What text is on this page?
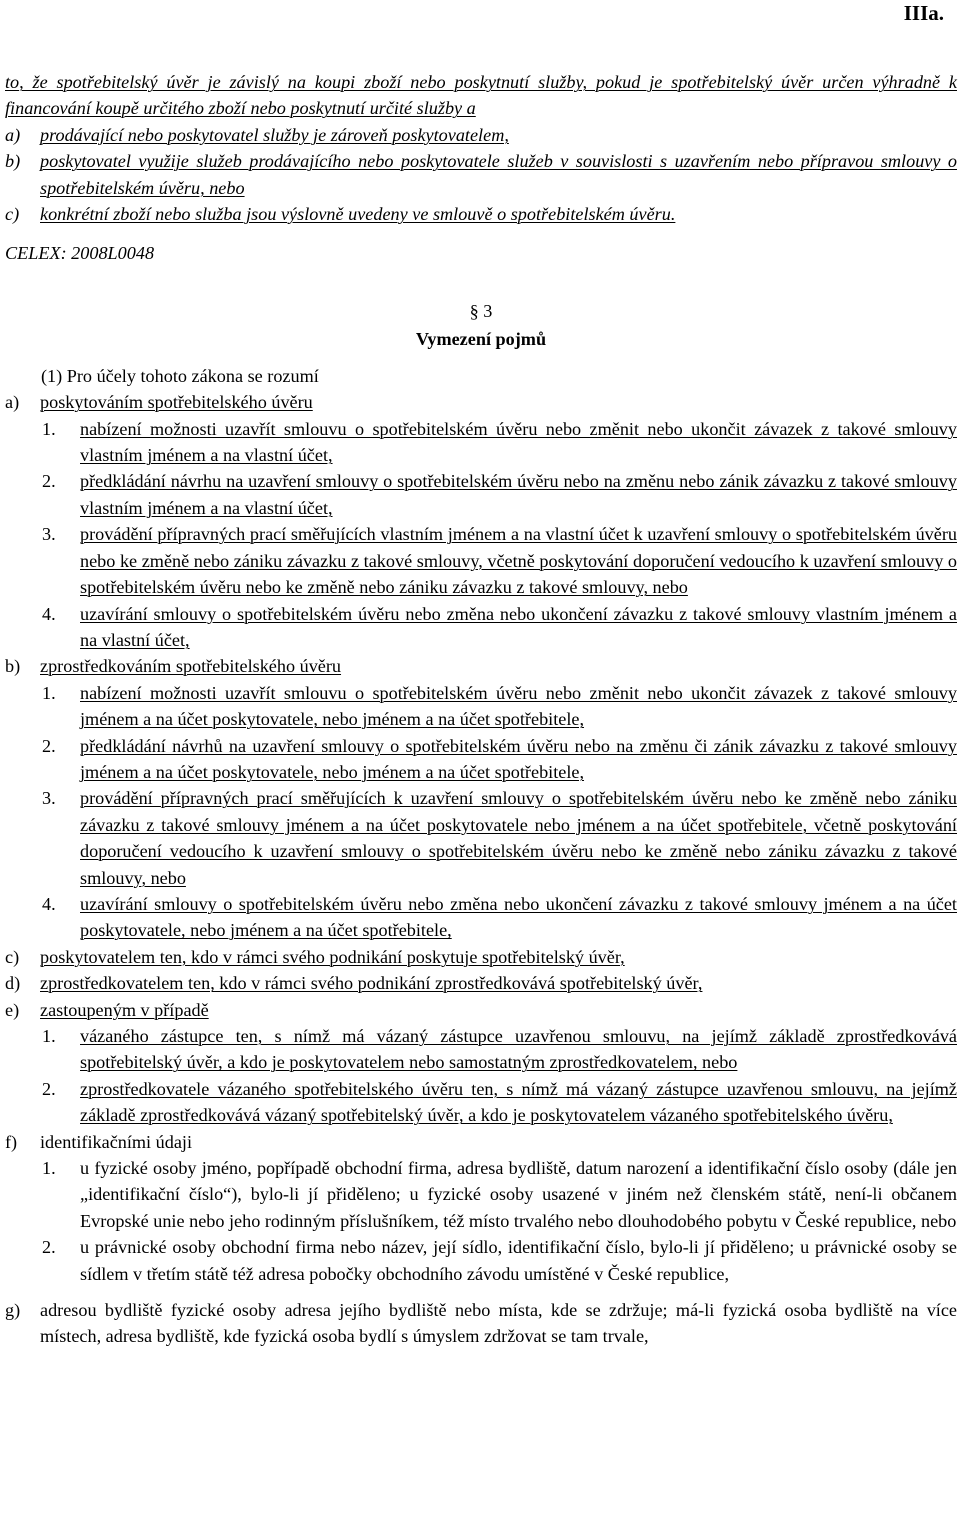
IIIa.

to, že spotřebitelský úvěr je závislý na koupi zboží nebo poskytnutí služby, pokud je spotřebitelský úvěr určen výhradně k financování koupě určitého zboží nebo poskytnutí určité služby a

a) prodávající nebo poskytovatel služby je zároveň poskytovatelem,
b) poskytovatel využije služeb prodávajícího nebo poskytovatele služeb v souvislosti s uzavřením nebo přípravou smlouvy o spotřebitelském úvěru, nebo
c) konkrétní zboží nebo služba jsou výslovně uvedeny ve smlouvě o spotřebitelském úvěru.

CELEX: 2008L0048

§ 3
Vymezení pojmů

(1) Pro účely tohoto zákona se rozumí

a) poskytováním spotřebitelského úvěru
1. nabízení možnosti uzavřít smlouvu o spotřebitelském úvěru nebo změnit nebo ukončit závazek z takové smlouvy vlastním jménem a na vlastní účet,
2. předkládání návrhu na uzavření smlouvy o spotřebitelském úvěru nebo na změnu nebo zánik závazku z takové smlouvy vlastním jménem a na vlastní účet,
3. provádění přípravných prací směřujících vlastním jménem a na vlastní účet k uzavření smlouvy o spotřebitelském úvěru nebo ke změně nebo zániku závazku z takové smlouvy, včetně poskytování doporučení vedoucího k uzavření smlouvy o spotřebitelském úvěru nebo ke změně nebo zániku závazku z takové smlouvy, nebo
4. uzavírání smlouvy o spotřebitelském úvěru nebo změna nebo ukončení závazku z takové smlouvy vlastním jménem a na vlastní účet,
b) zprostředkováním spotřebitelského úvěru
1. nabízení možnosti uzavřít smlouvu o spotřebitelském úvěru nebo změnit nebo ukončit závazek z takové smlouvy jménem a na účet poskytovatele, nebo jménem a na účet spotřebitele,
2. předkládání návrhů na uzavření smlouvy o spotřebitelském úvěru nebo na změnu či zánik závazku z takové smlouvy jménem a na účet poskytovatele, nebo jménem a na účet spotřebitele,
3. provádění přípravných prací směřujících k uzavření smlouvy o spotřebitelském úvěru nebo ke změně nebo zániku závazku z takové smlouvy jménem a na účet poskytovatele nebo jménem a na účet spotřebitele, včetně poskytování doporučení vedoucího k uzavření smlouvy o spotřebitelském úvěru nebo ke změně nebo zániku závazku z takové smlouvy, nebo
4. uzavírání smlouvy o spotřebitelském úvěru nebo změna nebo ukončení závazku z takové smlouvy jménem a na účet poskytovatele, nebo jménem a na účet spotřebitele,
c) poskytovatelem ten, kdo v rámci svého podnikání poskytuje spotřebitelský úvěr,
d) zprostředkovatelem ten, kdo v rámci svého podnikání zprostředkovává spotřebitelský úvěr,
e) zastoupeným v případě
1. vázaného zástupce ten, s nímž má vázaný zástupce uzavřenou smlouvu, na jejímž základě zprostředkovává spotřebitelský úvěr, a kdo je poskytovatelem nebo samostatným zprostředkovatelem, nebo
2. zprostředkovatele vázaného spotřebitelského úvěru ten, s nímž má vázaný zástupce uzavřenou smlouvu, na jejímž základě zprostředkovává vázaný spotřebitelský úvěr, a kdo je poskytovatelem vázaného spotřebitelského úvěru,
f) identifikačními údaji
1. u fyzické osoby jméno, popřípadě obchodní firma, adresa bydliště, datum narození a identifikační číslo osoby (dále jen „identifikační číslo“), bylo-li jí přiděleno; u fyzické osoby usazené v jiném než členském státě, není-li občanem Evropské unie nebo jeho rodinným příslušníkem, též místo trvalého nebo dlouhodobého pobytu v České republice, nebo
2. u právnické osoby obchodní firma nebo název, její sídlo, identifikační číslo, bylo-li jí přiděleno; u právnické osoby se sídlem v třetím státě též adresa pobočky obchodního závodu umístěné v České republice,
g) adresou bydliště fyzické osoby adresa jejího bydliště nebo místa, kde se zdržuje; má-li fyzická osoba bydliště na více místech, adresa bydliště, kde fyzická osoba bydlí s úmyslem zdržovat se tam trvale,
